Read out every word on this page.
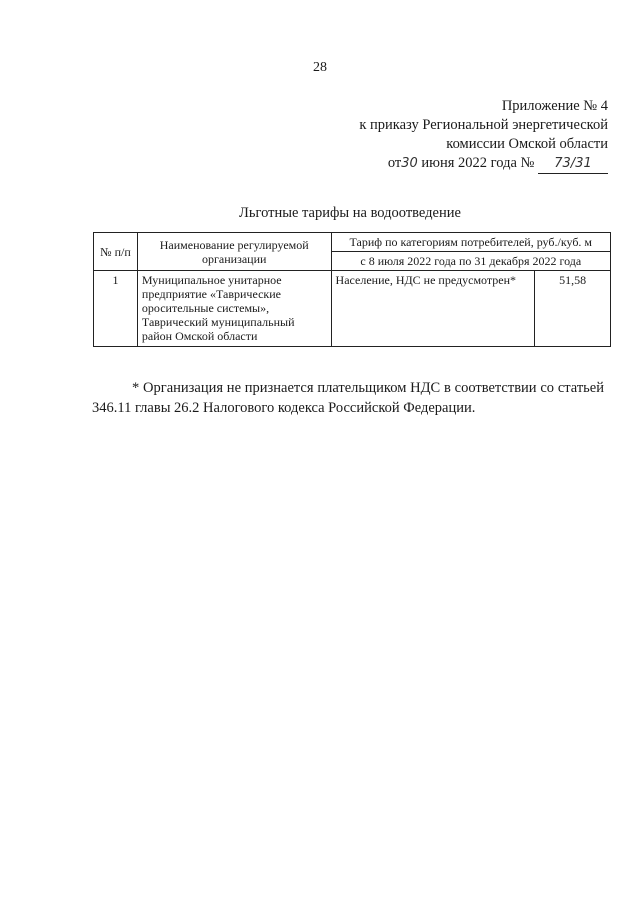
28
Приложение № 4
к приказу Региональной энергетической
комиссии Омской области
от30 июня 2022 года № 73/31
Льготные тарифы на водоотведение
№ п/п	Наименование регулируемой организации	Тариф по категориям потребителей, руб./куб. м	
		с 8 июля 2022 года по 31 декабря 2022 года	
1	Муниципальное унитарное предприятие «Таврические оросительные системы», Таврический муниципальный район Омской области	Население, НДС не предусмотрен*	51,58
* Организация не признается плательщиком НДС в соответствии со статьей 346.11 главы 26.2 Налогового кодекса Российской Федерации.
